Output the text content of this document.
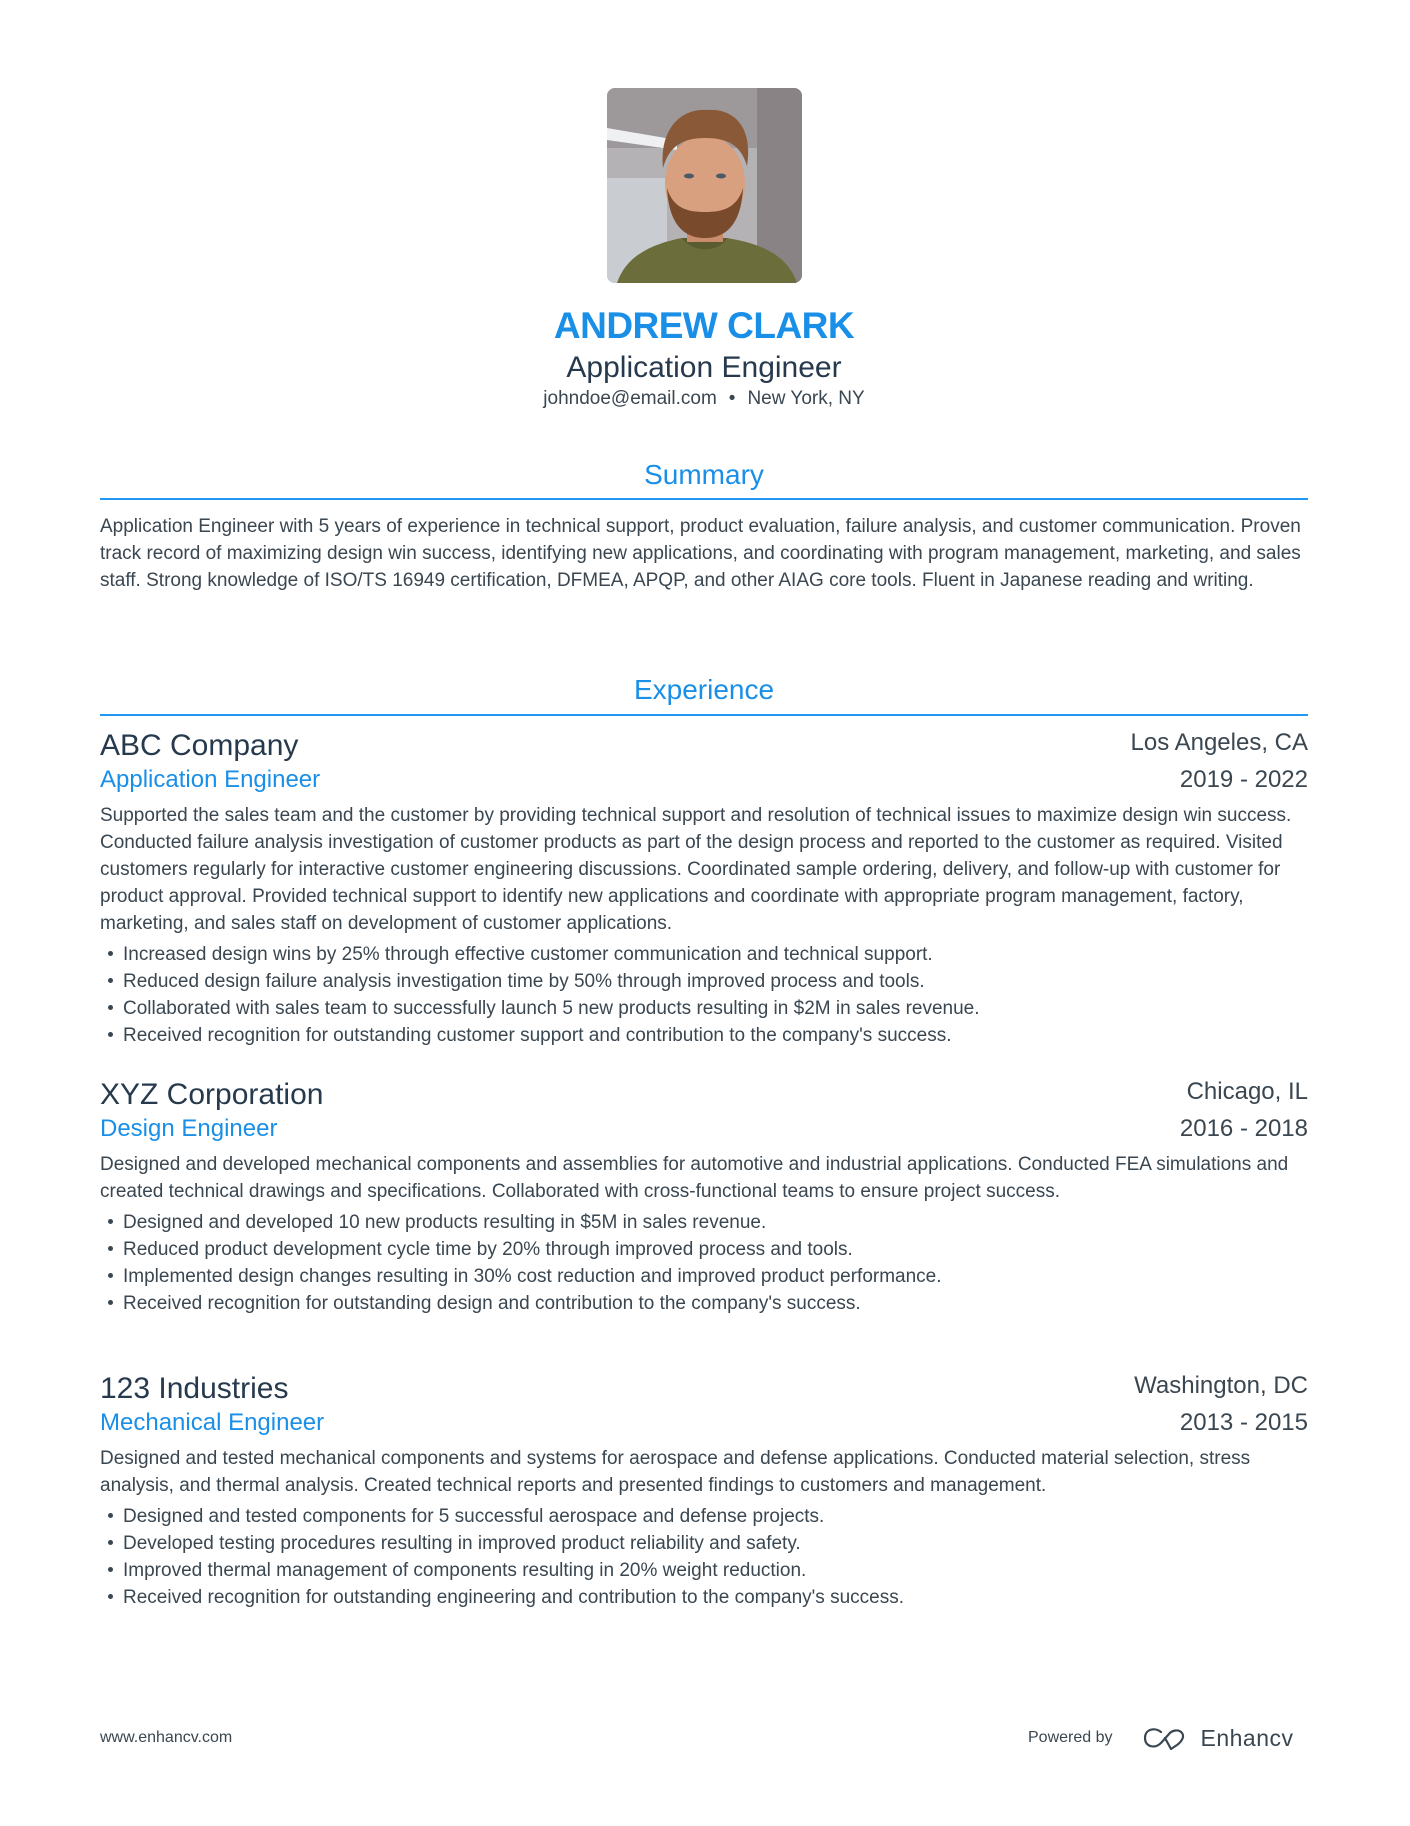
ANDREW CLARK
Application Engineer
johndoe@email.com • New York, NY
Summary
Application Engineer with 5 years of experience in technical support, product evaluation, failure analysis, and customer communication. Proven track record of maximizing design win success, identifying new applications, and coordinating with program management, marketing, and sales staff. Strong knowledge of ISO/TS 16949 certification, DFMEA, APQP, and other AIAG core tools. Fluent in Japanese reading and writing.
Experience
ABC Company	Los Angeles, CA
Application Engineer	2019 - 2022
Supported the sales team and the customer by providing technical support and resolution of technical issues to maximize design win success. Conducted failure analysis investigation of customer products as part of the design process and reported to the customer as required. Visited customers regularly for interactive customer engineering discussions. Coordinated sample ordering, delivery, and follow-up with customer for product approval. Provided technical support to identify new applications and coordinate with appropriate program management, factory, marketing, and sales staff on development of customer applications.
Increased design wins by 25% through effective customer communication and technical support.
Reduced design failure analysis investigation time by 50% through improved process and tools.
Collaborated with sales team to successfully launch 5 new products resulting in $2M in sales revenue.
Received recognition for outstanding customer support and contribution to the company's success.
XYZ Corporation	Chicago, IL
Design Engineer	2016 - 2018
Designed and developed mechanical components and assemblies for automotive and industrial applications. Conducted FEA simulations and created technical drawings and specifications. Collaborated with cross-functional teams to ensure project success.
Designed and developed 10 new products resulting in $5M in sales revenue.
Reduced product development cycle time by 20% through improved process and tools.
Implemented design changes resulting in 30% cost reduction and improved product performance.
Received recognition for outstanding design and contribution to the company's success.
123 Industries	Washington, DC
Mechanical Engineer	2013 - 2015
Designed and tested mechanical components and systems for aerospace and defense applications. Conducted material selection, stress analysis, and thermal analysis. Created technical reports and presented findings to customers and management.
Designed and tested components for 5 successful aerospace and defense projects.
Developed testing procedures resulting in improved product reliability and safety.
Improved thermal management of components resulting in 20% weight reduction.
Received recognition for outstanding engineering and contribution to the company's success.
www.enhancv.com	Powered by	Enhancv
